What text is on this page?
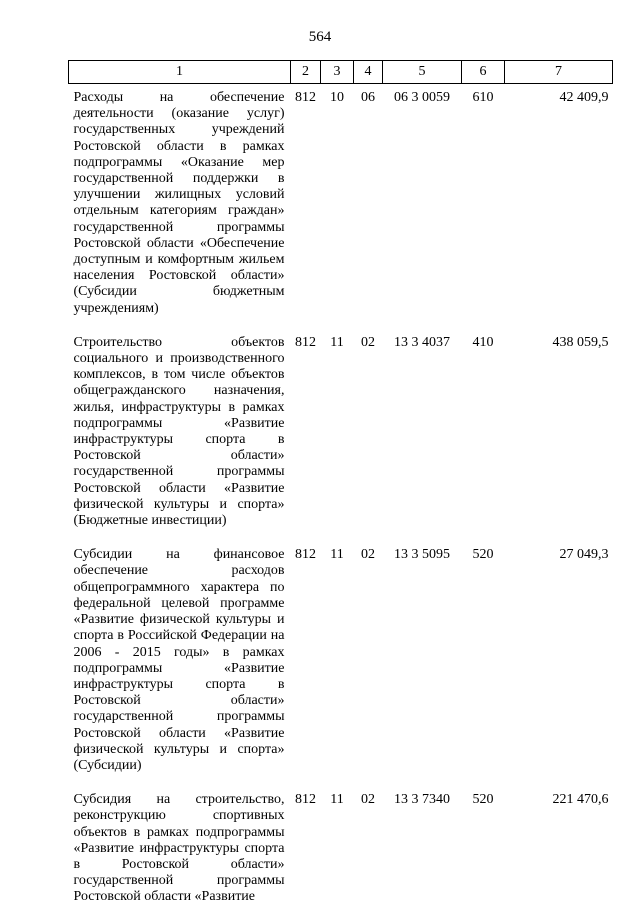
564
1	2	3	4	5	6	7
Расходы на обеспечение деятельности (оказание услуг) государственных учреждений Ростовской области в рамках подпрограммы «Оказание мер государственной поддержки в улучшении жилищных условий отдельным категориям граждан» государственной программы Ростовской области «Обеспечение доступным и комфортным жильем населения Ростовской области» (Субсидии бюджетным учреждениям)	812	10	06	06 3 0059	610	42 409,9
Строительство объектов социального и производственного комплексов, в том числе объектов общегражданского назначения, жилья, инфраструктуры в рамках подпрограммы «Развитие инфраструктуры спорта в Ростовской области» государственной программы Ростовской области «Развитие физической культуры и спорта» (Бюджетные инвестиции)	812	11	02	13 3 4037	410	438 059,5
Субсидии на финансовое обеспечение расходов общепрограммного характера по федеральной целевой программе «Развитие физической культуры и спорта в Российской Федерации на 2006 - 2015 годы» в рамках подпрограммы «Развитие инфраструктуры спорта в Ростовской области» государственной программы Ростовской области «Развитие физической культуры и спорта» (Субсидии)	812	11	02	13 3 5095	520	27 049,3
Субсидия на строительство, реконструкцию спортивных объектов в рамках подпрограммы «Развитие инфраструктуры спорта в Ростовской области» государственной программы Ростовской области «Развитие	812	11	02	13 3 7340	520	221 470,6
